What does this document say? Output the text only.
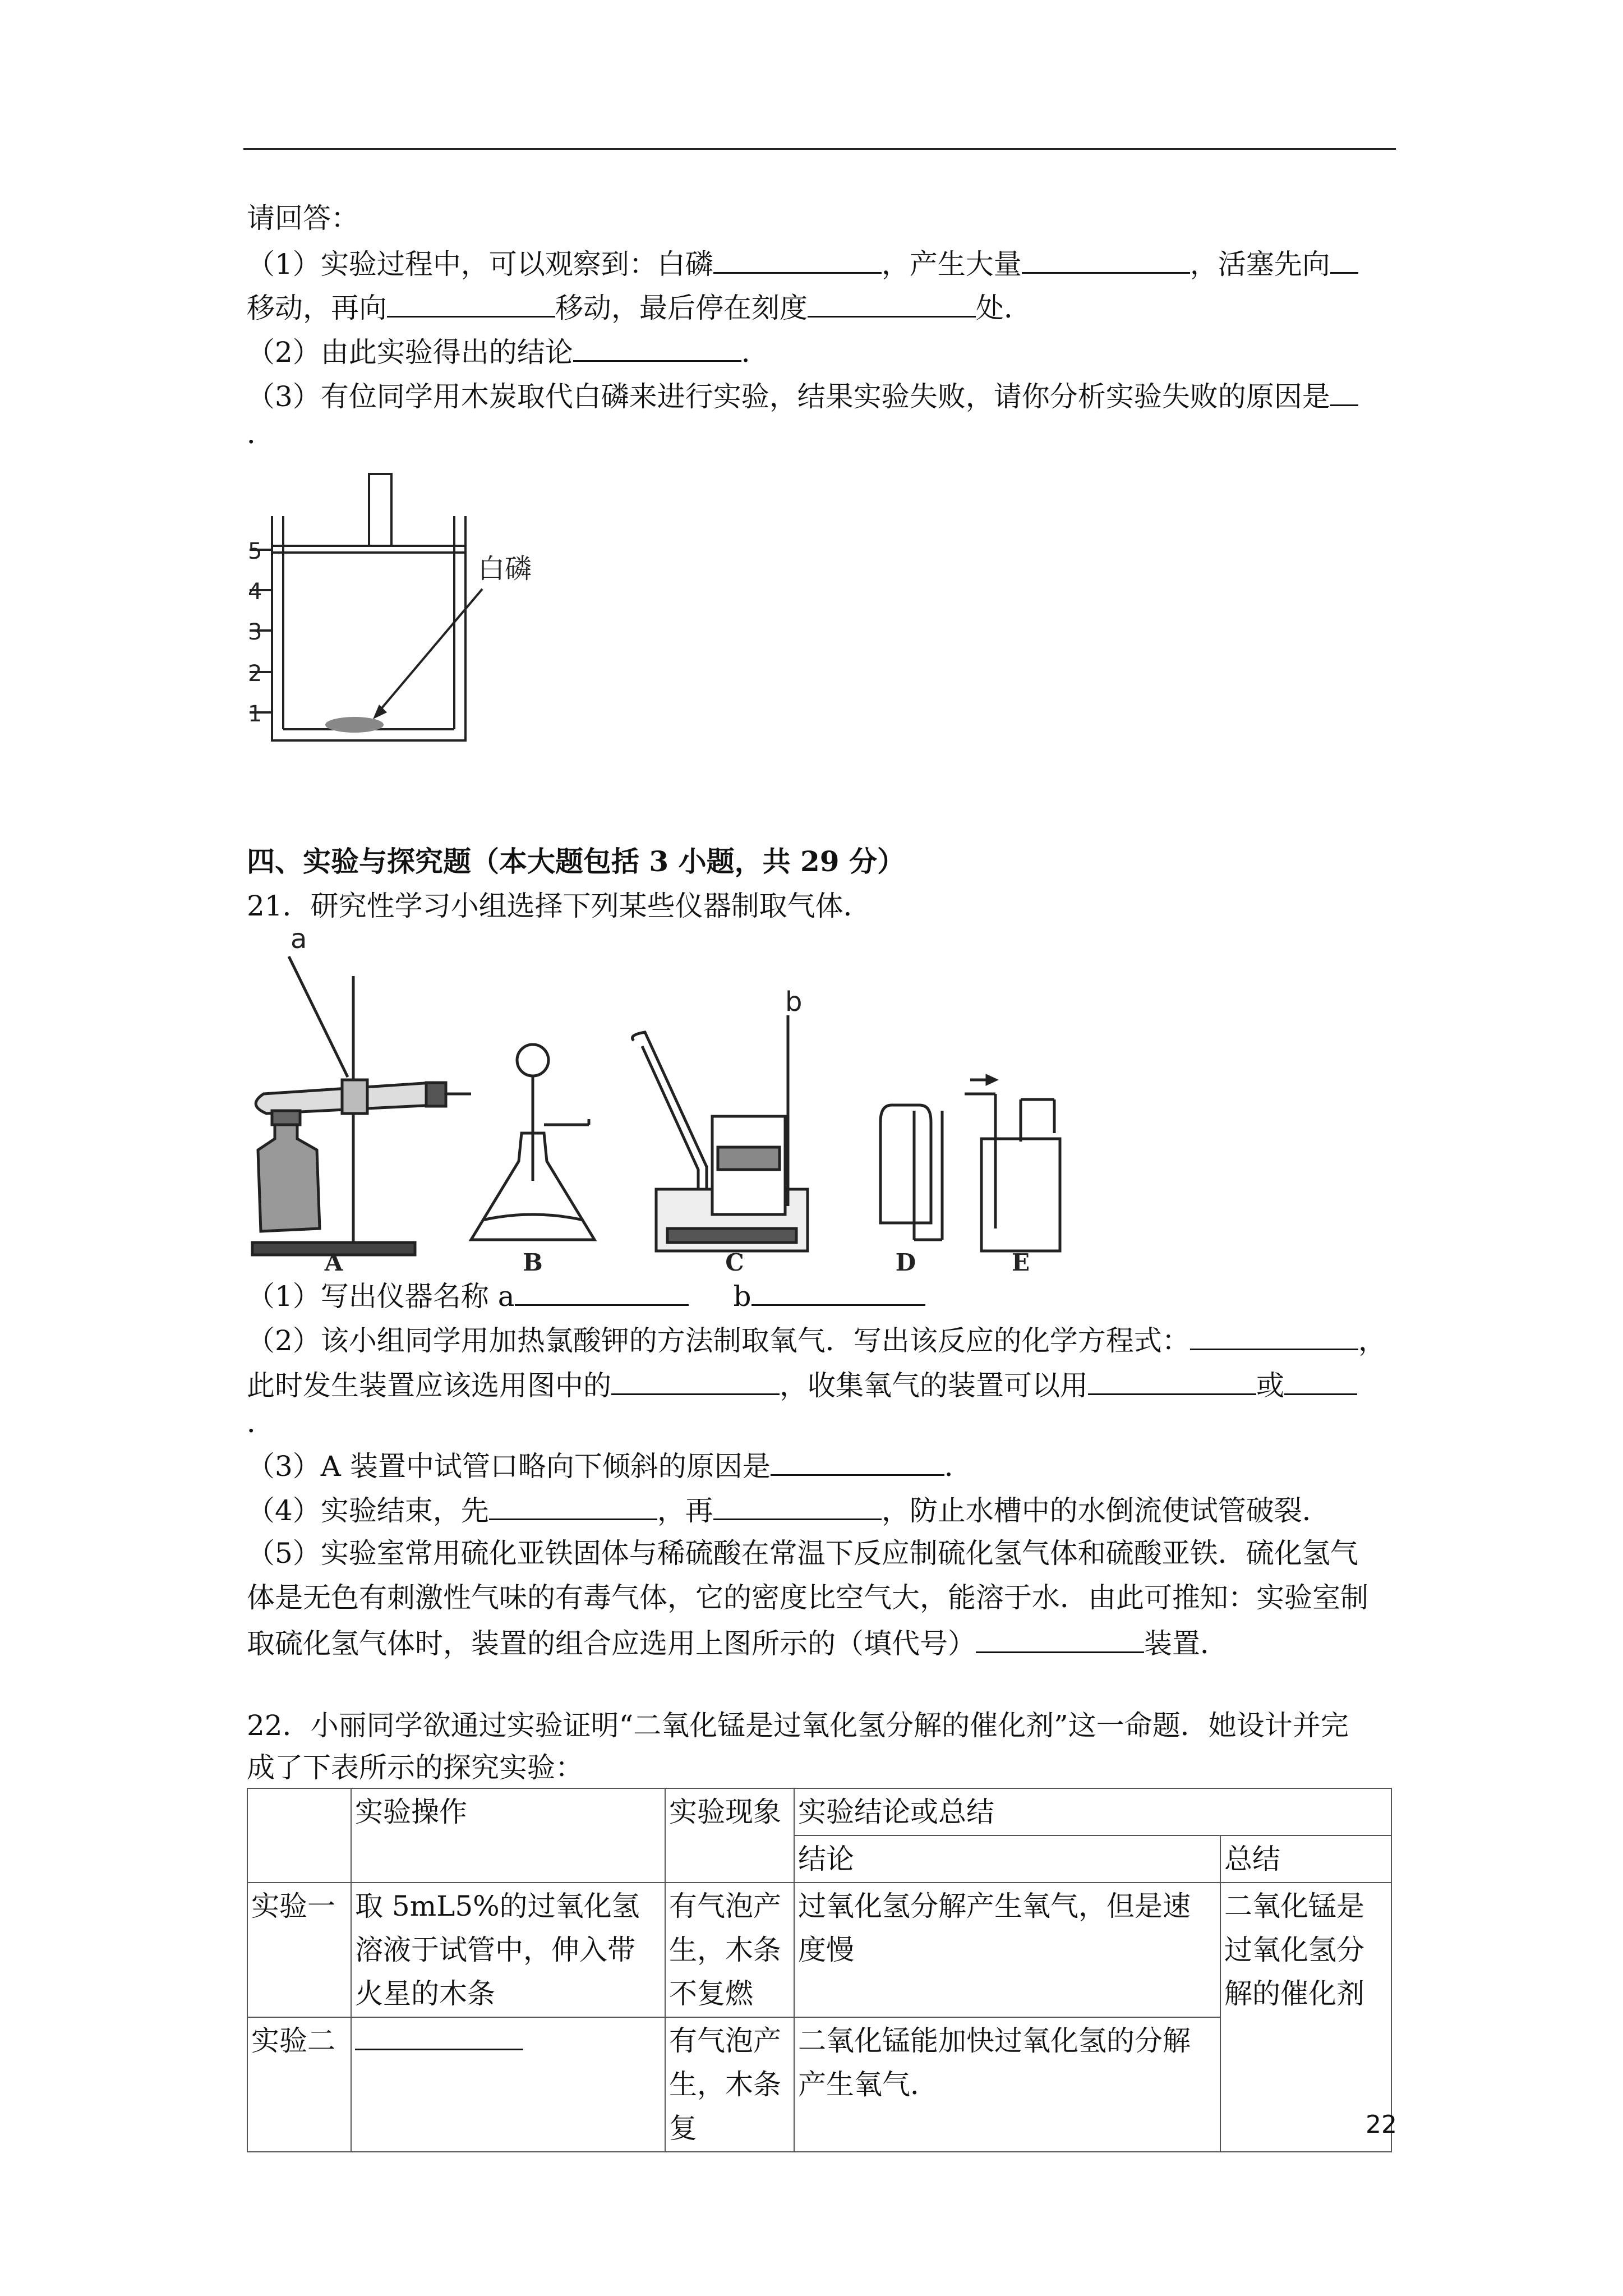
请回答：
（1）实验过程中，可以观察到：白磷	，产生大量	，活塞先向
移动，再向	移动，最后停在刻度	处．
（2）由此实验得出的结论	．
（3）有位同学用木炭取代白磷来进行实验，结果实验失败，请你分析实验失败的原因是
．
5
4
3
2
1
白磷
四、实验与探究题（本大题包括 3 小题，共 29 分）
21．研究性学习小组选择下列某些仪器制取气体．
a
b
A	B	C	D	E
（1）写出仪器名称 a	b
（2）该小组同学用加热氯酸钾的方法制取氧气．写出该反应的化学方程式：	，
此时发生装置应该选用图中的	，收集氧气的装置可以用	或
．
（3）A 装置中试管口略向下倾斜的原因是	．
（4）实验结束，先	，再	，防止水槽中的水倒流使试管破裂．
（5）实验室常用硫化亚铁固体与稀硫酸在常温下反应制硫化氢气体和硫酸亚铁．硫化氢气
体是无色有刺激性气味的有毒气体，它的密度比空气大，能溶于水．由此可推知：实验室制
取硫化氢气体时，装置的组合应选用上图所示的（填代号）	装置．
22．小丽同学欲通过实验证明“二氧化锰是过氧化氢分解的催化剂”这一命题．她设计并完
成了下表所示的探究实验：
	实验操作	实验现象	实验结论或总结	
			结论	总结
实验一	取 5mL5%的过氧化氢溶液于试管中，伸入带火星的木条	有气泡产生，木条不复燃	过氧化氢分解产生氧气，但是速度慢	二氧化锰是过氧化氢分解的催化剂
实验二		有气泡产生，木条复	二氧化锰能加快过氧化氢的分解产生氧气．	
22
